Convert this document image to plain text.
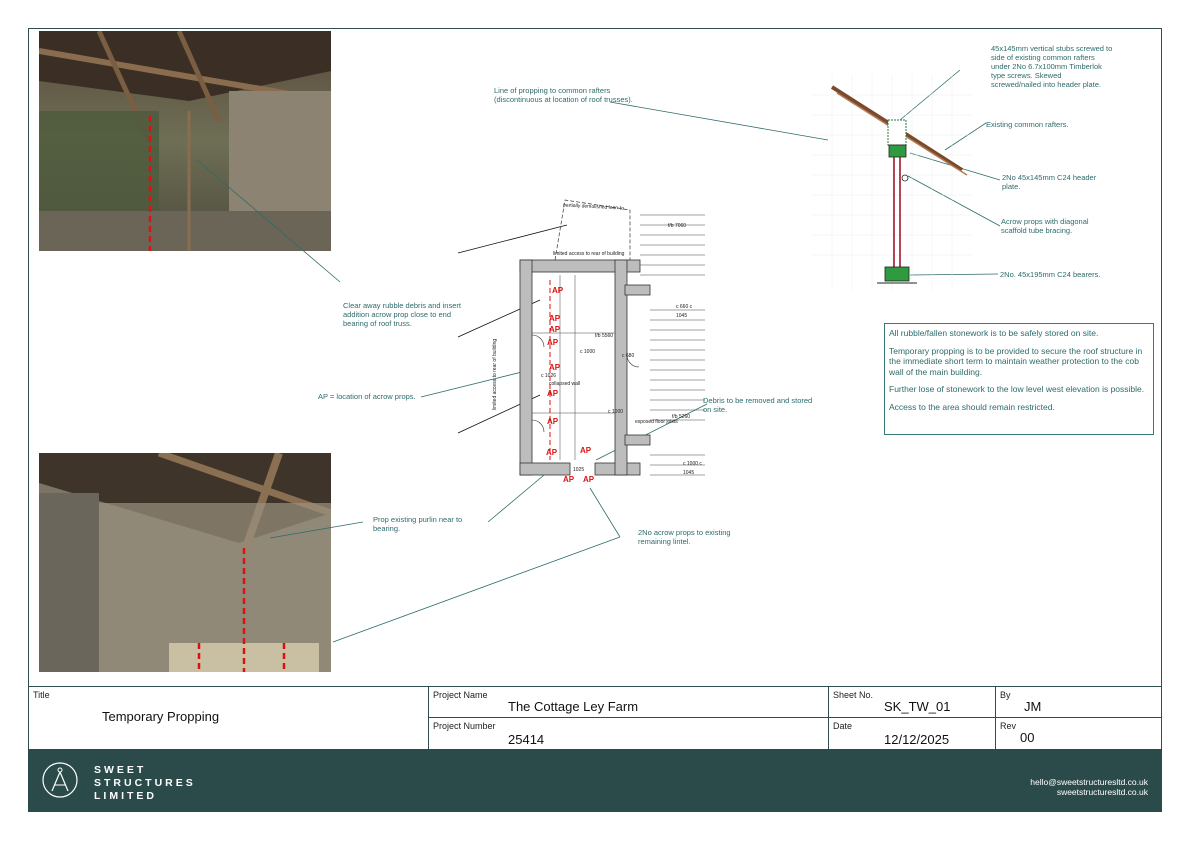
partially demolished lean-to
limited access to rear of building
limited access to rear of building	collapsed wall
exposed floor joists
f/b 7060
f/b 5560
f/b 5260
c 660 c 1045
c 1000 c 1045
c 1000
c 1000
1025
c 1026
c 680
AP
AP
AP
AP
AP
AP
AP
AP	AP
AP AP
Line of propping to common rafters (discontinuous at location of roof trusses).
Clear away rubble debris and insert addition acrow prop close to end bearing of roof truss.
AP = location of acrow props.	Debris to be removed and stored on site.
Prop existing purlin near to bearing.	2No acrow props to existing remaining lintel.
45x145mm vertical stubs screwed to side of existing common rafters under 2No 6.7x100mm Timberlok type screws. Skewed screwed/nailed into header plate.
Existing common rafters.
2No 45x145mm C24 header plate.
Acrow props with diagonal scaffold tube bracing.
2No. 45x195mm C24 bearers.

All rubble/fallen stonework is to be safely stored on site.

Temporary propping is to be provided to secure the roof structure in the immediate short term to maintain weather protection to the cob wall of the main building.

Further lose of stonework to the low level west elevation is possible.

Access to the area should remain restricted.

Title
Temporary Propping
Project Name
The Cottage Ley Farm
Project Number
25414
Sheet No.
SK_TW_01
Date
12/12/2025
By
JM
Rev
00
SWEET
STRUCTURES
LIMITED
hello@sweetstructuresltd.co.uk
sweetstructuresltd.co.uk
